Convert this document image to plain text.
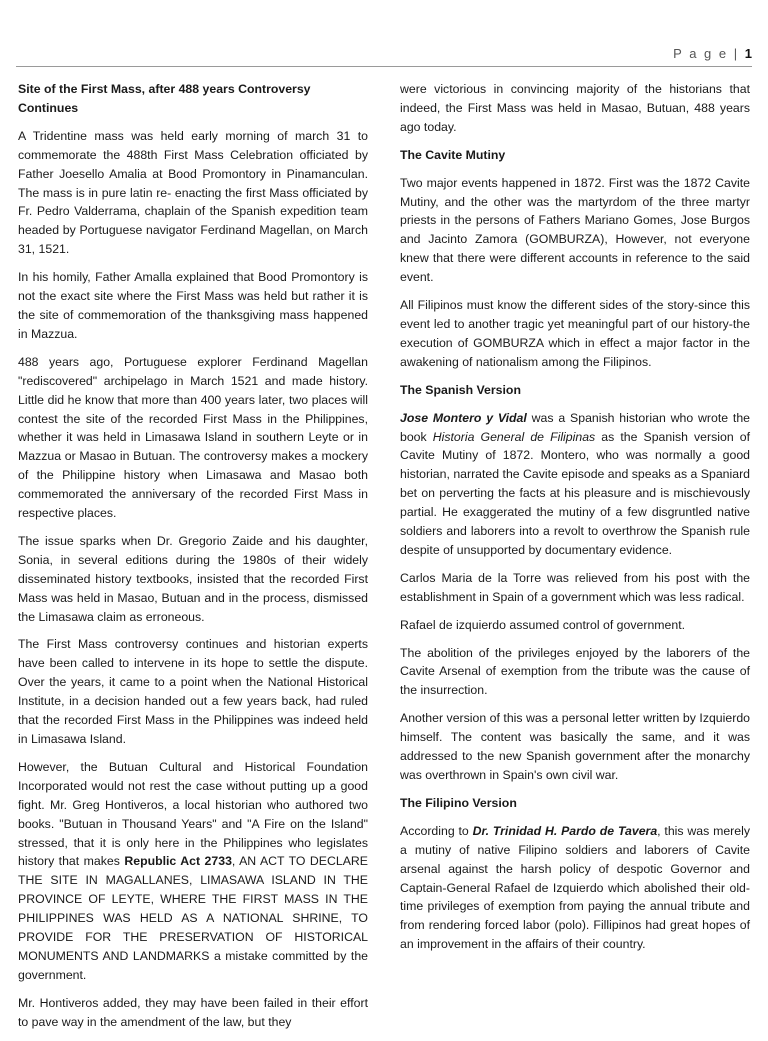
P a g e | 1
Site of the First Mass, after 488 years Controversy Continues

A Tridentine mass was held early morning of march 31 to commemorate the 488th First Mass Celebration officiated by Father Joesello Amalia at Bood Promontory in Pinamanculan. The mass is in pure latin re- enacting the first Mass officiated by Fr. Pedro Valderrama, chaplain of the Spanish expedition team headed by Portuguese navigator Ferdinand Magellan, on March 31, 1521.

In his homily, Father Amalla explained that Bood Promontory is not the exact site where the First Mass was held but rather it is the site of commemoration of the thanksgiving mass happened in Mazzua.

488 years ago, Portuguese explorer Ferdinand Magellan "rediscovered" archipelago in March 1521 and made history. Little did he know that more than 400 years later, two places will contest the site of the recorded First Mass in the Philippines, whether it was held in Limasawa Island in southern Leyte or in Mazzua or Masao in Butuan. The controversy makes a mockery of the Philippine history when Limasawa and Masao both commemorated the anniversary of the recorded First Mass in respective places.

The issue sparks when Dr. Gregorio Zaide and his daughter, Sonia, in several editions during the 1980s of their widely disseminated history textbooks, insisted that the recorded First Mass was held in Masao, Butuan and in the process, dismissed the Limasawa claim as erroneous.

The First Mass controversy continues and historian experts have been called to intervene in its hope to settle the dispute. Over the years, it came to a point when the National Historical Institute, in a decision handed out a few years back, had ruled that the recorded First Mass in the Philippines was indeed held in Limasawa Island.

However, the Butuan Cultural and Historical Foundation Incorporated would not rest the case without putting up a good fight. Mr. Greg Hontiveros, a local historian who authored two books. "Butuan in Thousand Years" and "A Fire on the Island" stressed, that it is only here in the Philippines who legislates history that makes Republic Act 2733, AN ACT TO DECLARE THE SITE IN MAGALLANES, LIMASAWA ISLAND IN THE PROVINCE OF LEYTE, WHERE THE FIRST MASS IN THE PHILIPPINES WAS HELD AS A NATIONAL SHRINE, TO PROVIDE FOR THE PRESERVATION OF HISTORICAL MONUMENTS AND LANDMARKS a mistake committed by the government.

Mr. Hontiveros added, they may have been failed in their effort to pave way in the amendment of the law, but they

were victorious in convincing majority of the historians that indeed, the First Mass was held in Masao, Butuan, 488 years ago today.

The Cavite Mutiny

Two major events happened in 1872. First was the 1872 Cavite Mutiny, and the other was the martyrdom of the three martyr priests in the persons of Fathers Mariano Gomes, Jose Burgos and Jacinto Zamora (GOMBURZA), However, not everyone knew that there were different accounts in reference to the said event.

All Filipinos must know the different sides of the story-since this event led to another tragic yet meaningful part of our history-the execution of GOMBURZA which in effect a major factor in the awakening of nationalism among the Filipinos.

The Spanish Version

Jose Montero y Vidal was a Spanish historian who wrote the book Historia General de Filipinas as the Spanish version of Cavite Mutiny of 1872. Montero, who was normally a good historian, narrated the Cavite episode and speaks as a Spaniard bet on perverting the facts at his pleasure and is mischievously partial. He exaggerated the mutiny of a few disgruntled native soldiers and laborers into a revolt to overthrow the Spanish rule despite of unsupported by documentary evidence.

Carlos Maria de la Torre was relieved from his post with the establishment in Spain of a government which was less radical.

Rafael de izquierdo assumed control of government.

The abolition of the privileges enjoyed by the laborers of the Cavite Arsenal of exemption from the tribute was the cause of the insurrection.

Another version of this was a personal letter written by Izquierdo himself. The content was basically the same, and it was addressed to the new Spanish government after the monarchy was overthrown in Spain's own civil war.

The Filipino Version

According to Dr. Trinidad H. Pardo de Tavera, this was merely a mutiny of native Filipino soldiers and laborers of Cavite arsenal against the harsh policy of despotic Governor and Captain-General Rafael de Izquierdo which abolished their old-time privileges of exemption from paying the annual tribute and from rendering forced labor (polo). Fillipinos had great hopes of an improvement in the affairs of their country.
